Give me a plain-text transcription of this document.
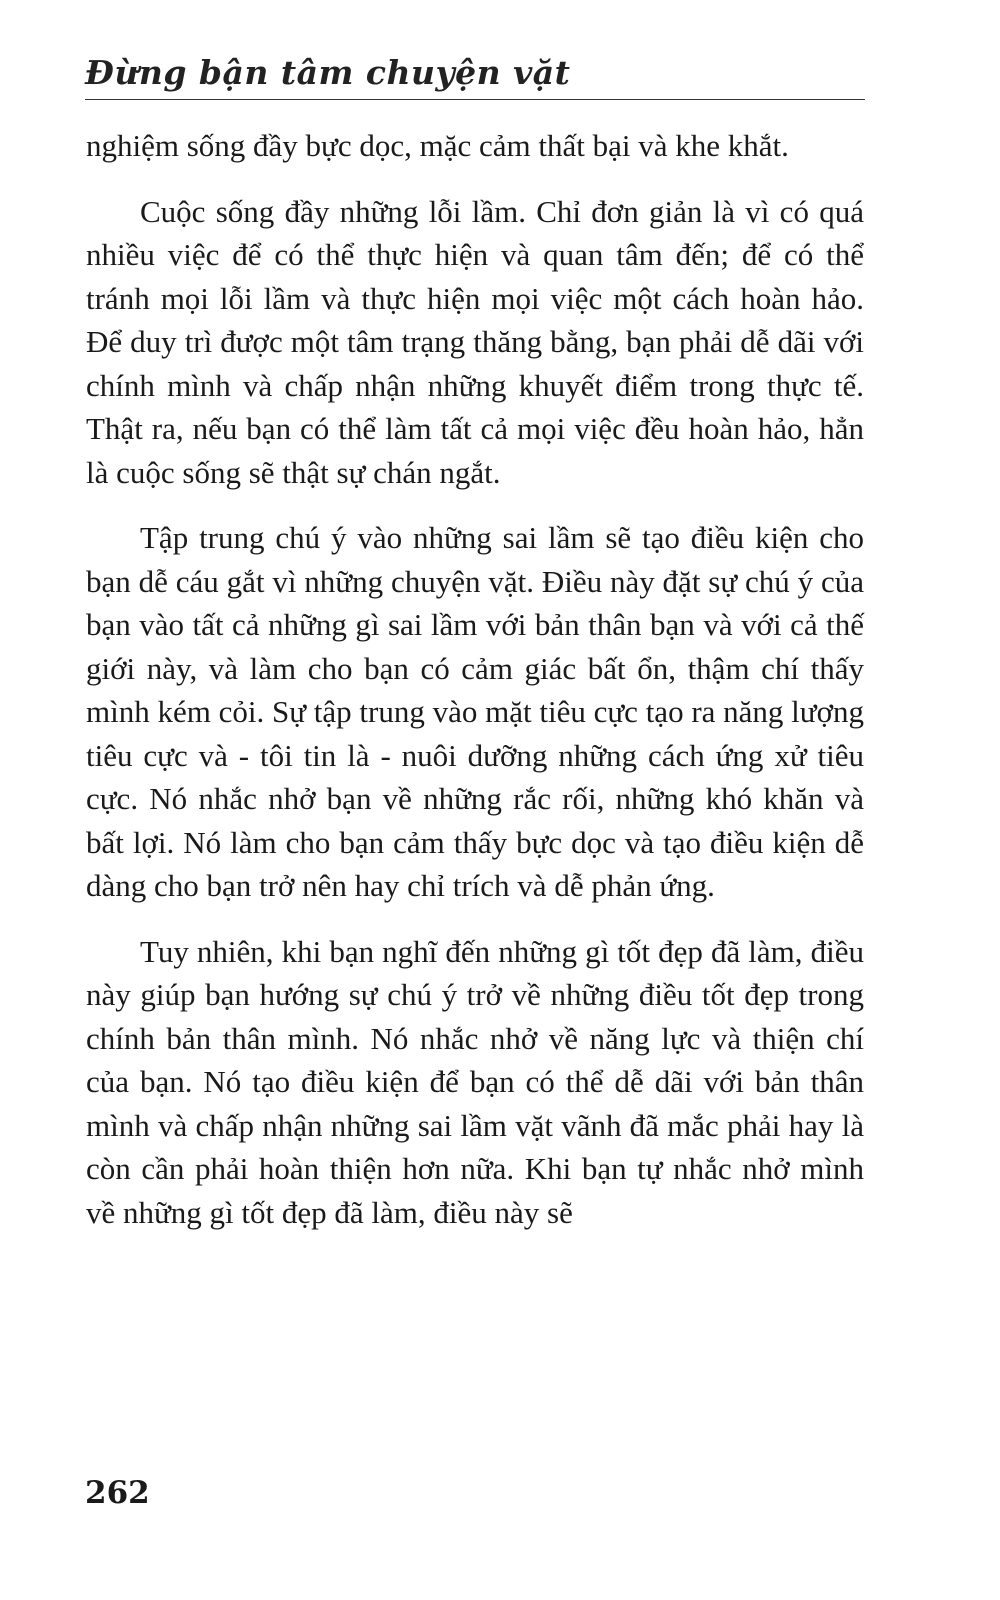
Đừng bận tâm chuyện vặt

nghiệm sống đầy bực dọc, mặc cảm thất bại và khe khắt.

Cuộc sống đầy những lỗi lầm. Chỉ đơn giản là vì có quá nhiều việc để có thể thực hiện và quan tâm đến; để có thể tránh mọi lỗi lầm và thực hiện mọi việc một cách hoàn hảo. Để duy trì được một tâm trạng thăng bằng, bạn phải dễ dãi với chính mình và chấp nhận những khuyết điểm trong thực tế. Thật ra, nếu bạn có thể làm tất cả mọi việc đều hoàn hảo, hẳn là cuộc sống sẽ thật sự chán ngắt.

Tập trung chú ý vào những sai lầm sẽ tạo điều kiện cho bạn dễ cáu gắt vì những chuyện vặt. Điều này đặt sự chú ý của bạn vào tất cả những gì sai lầm với bản thân bạn và với cả thế giới này, và làm cho bạn có cảm giác bất ổn, thậm chí thấy mình kém cỏi. Sự tập trung vào mặt tiêu cực tạo ra năng lượng tiêu cực và - tôi tin là - nuôi dưỡng những cách ứng xử tiêu cực. Nó nhắc nhở bạn về những rắc rối, những khó khăn và bất lợi. Nó làm cho bạn cảm thấy bực dọc và tạo điều kiện dễ dàng cho bạn trở nên hay chỉ trích và dễ phản ứng.

Tuy nhiên, khi bạn nghĩ đến những gì tốt đẹp đã làm, điều này giúp bạn hướng sự chú ý trở về những điều tốt đẹp trong chính bản thân mình. Nó nhắc nhở về năng lực và thiện chí của bạn. Nó tạo điều kiện để bạn có thể dễ dãi với bản thân mình và chấp nhận những sai lầm vặt vãnh đã mắc phải hay là còn cần phải hoàn thiện hơn nữa. Khi bạn tự nhắc nhở mình về những gì tốt đẹp đã làm, điều này sẽ

262
